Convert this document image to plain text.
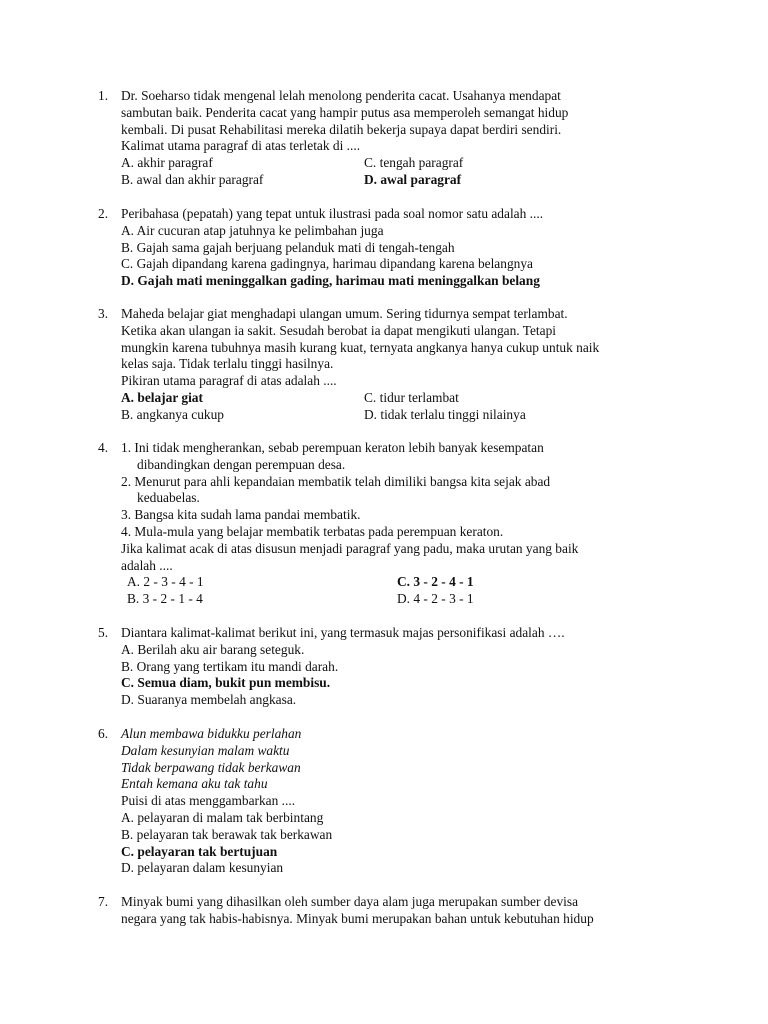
1. Dr. Soeharso tidak mengenal lelah menolong penderita cacat. Usahanya mendapat
sambutan baik. Penderita cacat yang hampir putus asa memperoleh semangat hidup
kembali. Di pusat Rehabilitasi mereka dilatih bekerja supaya dapat berdiri sendiri.
Kalimat utama paragraf di atas terletak di ....
A. akhir paragraf	C. tengah paragraf
B. awal dan akhir paragraf	D. awal paragraf
2. Peribahasa (pepatah) yang tepat untuk ilustrasi pada soal nomor satu adalah ....
A. Air cucuran atap jatuhnya ke pelimbahan juga
B. Gajah sama gajah berjuang pelanduk mati di tengah-tengah
C. Gajah dipandang karena gadingnya, harimau dipandang karena belangnya
D. Gajah mati meninggalkan gading, harimau mati meninggalkan belang
3. Maheda belajar giat menghadapi ulangan umum. Sering tidurnya sempat terlambat.
Ketika akan ulangan ia sakit. Sesudah berobat ia dapat mengikuti ulangan. Tetapi
mungkin karena tubuhnya masih kurang kuat, ternyata angkanya hanya cukup untuk naik
kelas saja. Tidak terlalu tinggi hasilnya.
Pikiran utama paragraf di atas adalah ....
A. belajar giat	C. tidur terlambat
B. angkanya cukup	D. tidak terlalu tinggi nilainya
4. 1. Ini tidak mengherankan, sebab perempuan keraton lebih banyak kesempatan
dibandingkan dengan perempuan desa.
2. Menurut para ahli kepandaian membatik telah dimiliki bangsa kita sejak abad
keduabelas.
3. Bangsa kita sudah lama pandai membatik.
4. Mula-mula yang belajar membatik terbatas pada perempuan keraton.
Jika kalimat acak di atas disusun menjadi paragraf yang padu, maka urutan yang baik
adalah ....
A. 2 - 3 - 4 - 1	C. 3 - 2 - 4 - 1
B. 3 - 2 - 1 - 4	D. 4 - 2 - 3 - 1
5. Diantara kalimat-kalimat berikut ini, yang termasuk majas personifikasi adalah ….
A. Berilah aku air barang seteguk.
B. Orang yang tertikam itu mandi darah.
C. Semua diam, bukit pun membisu.
D. Suaranya membelah angkasa.
6. Alun membawa bidukku perlahan
Dalam kesunyian malam waktu
Tidak berpawang tidak berkawan
Entah kemana aku tak tahu
Puisi di atas menggambarkan ....
A. pelayaran di malam tak berbintang
B. pelayaran tak berawak tak berkawan
C. pelayaran tak bertujuan
D. pelayaran dalam kesunyian
7. Minyak bumi yang dihasilkan oleh sumber daya alam juga merupakan sumber devisa
negara yang tak habis-habisnya. Minyak bumi merupakan bahan untuk kebutuhan hidup
